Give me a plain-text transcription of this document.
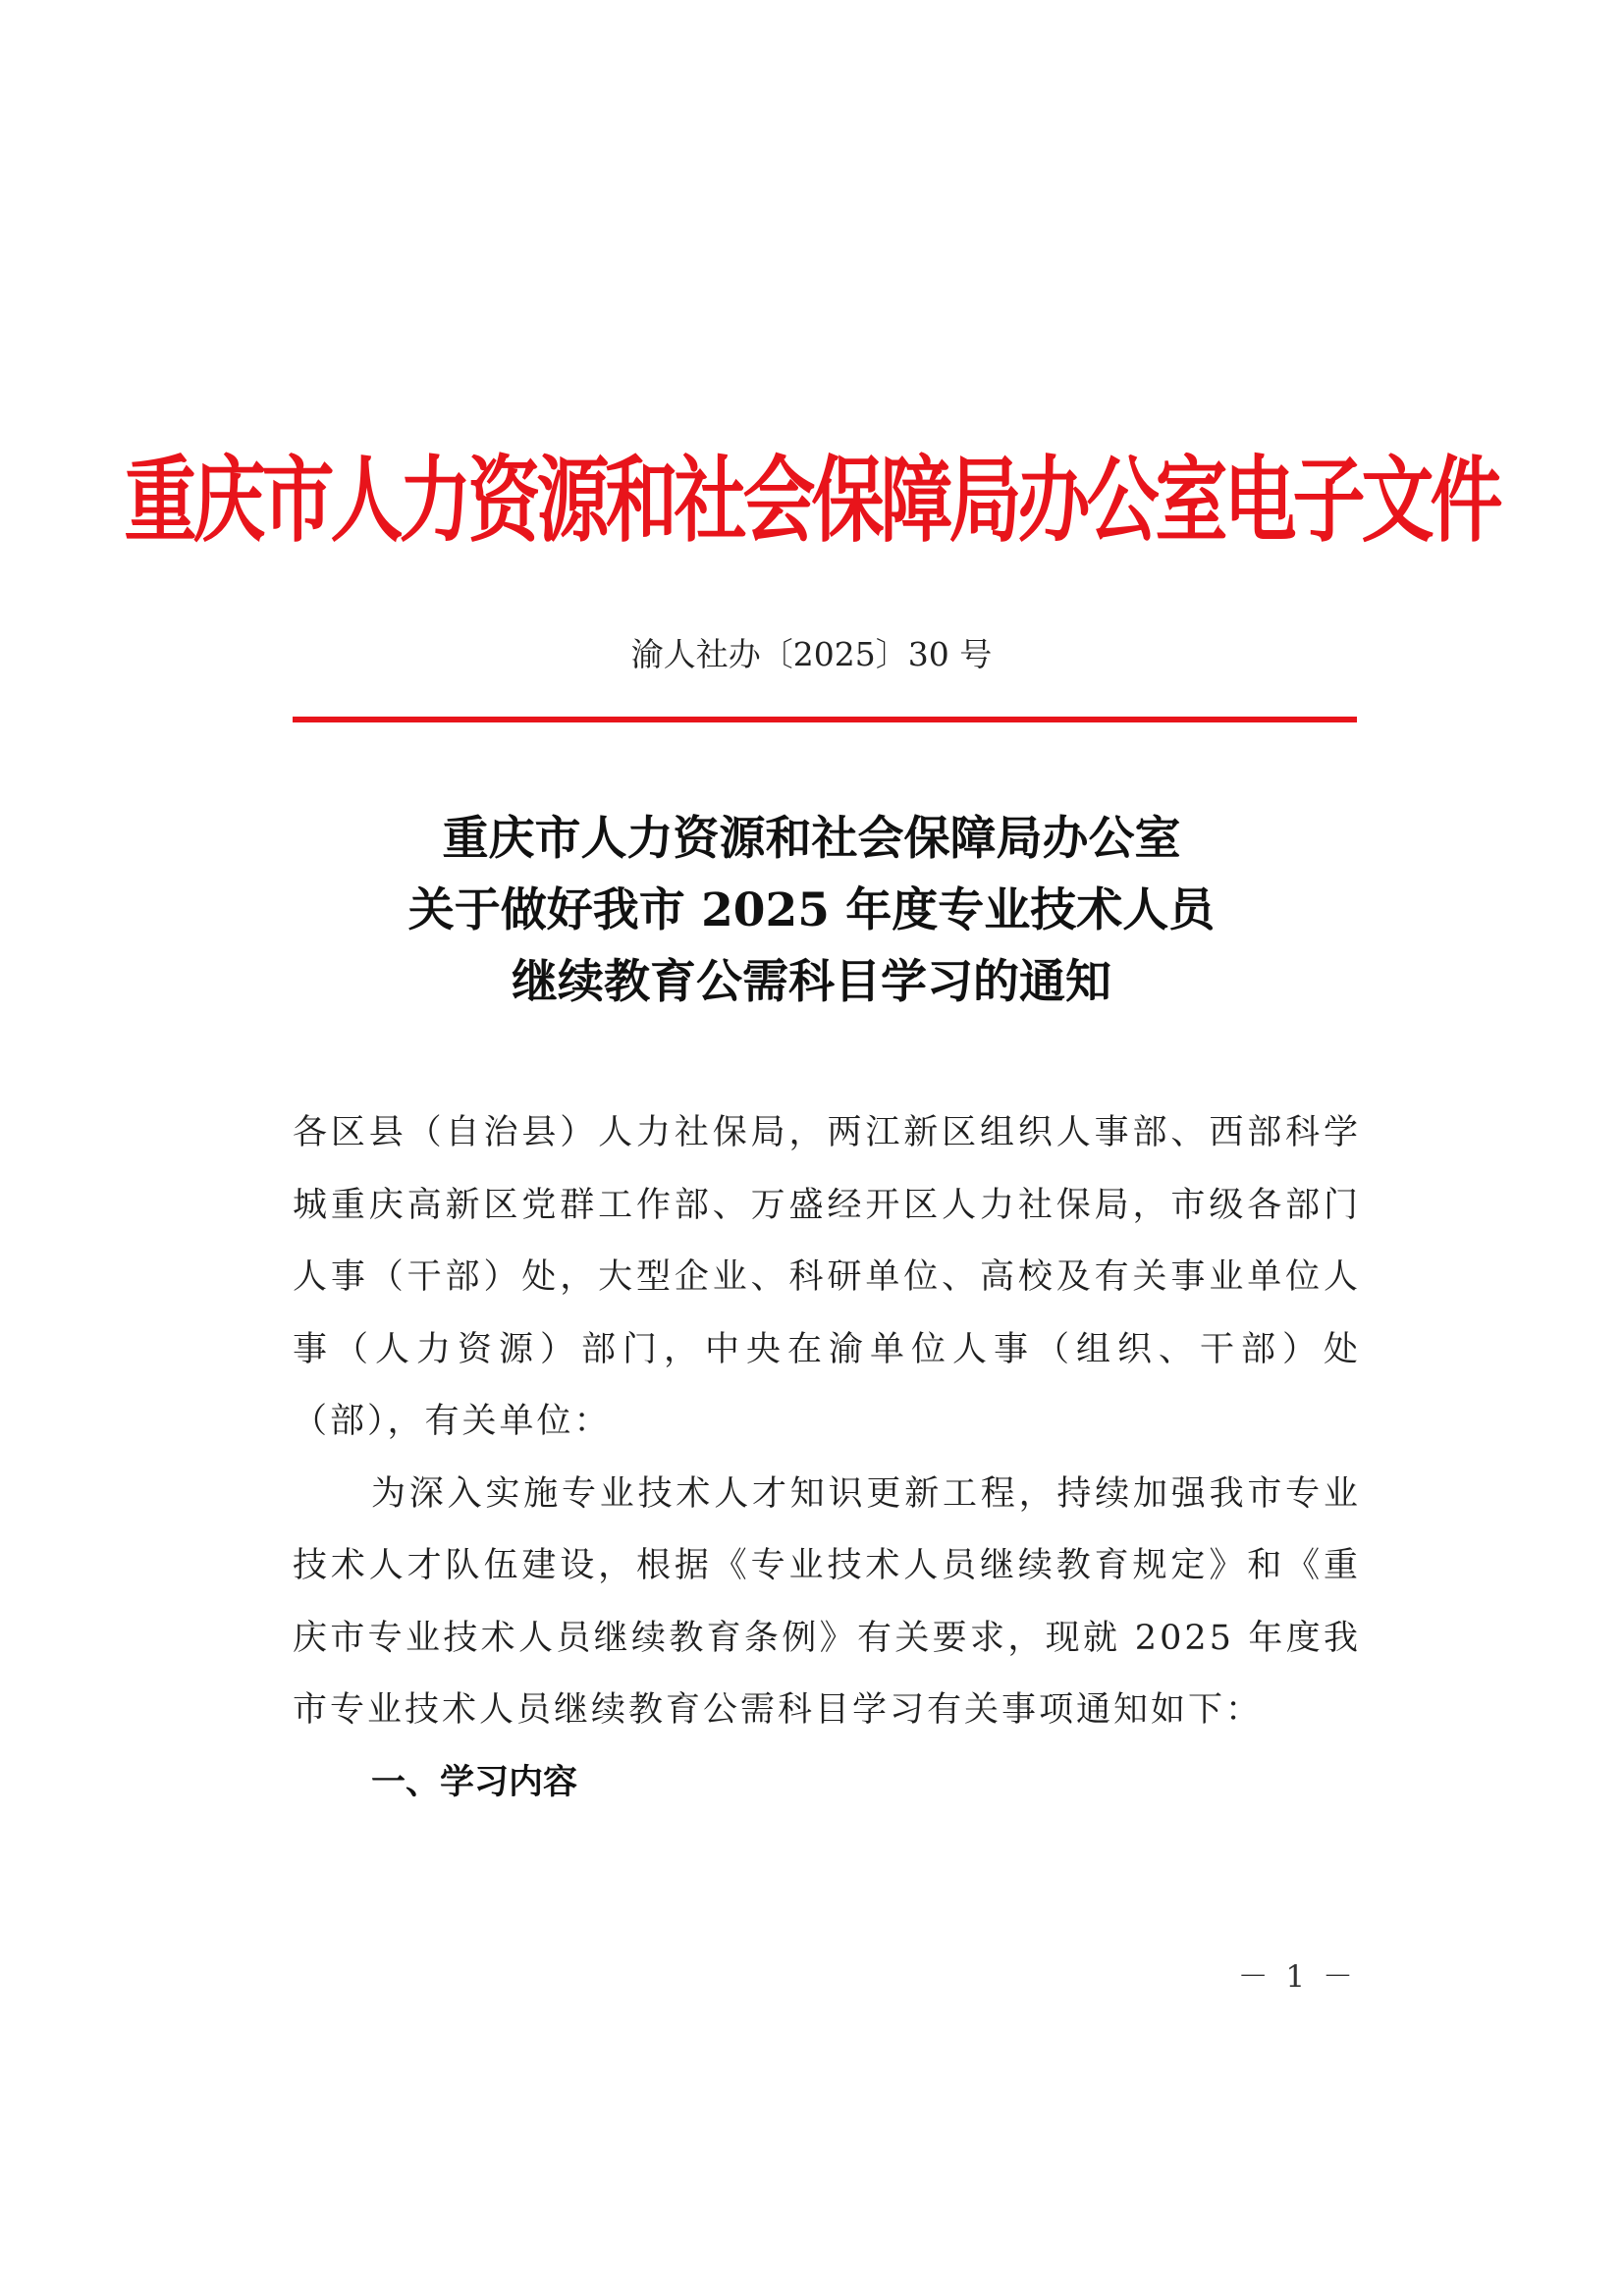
重庆市人力资源和社会保障局办公室电子文件
渝人社办〔2025〕30 号
重庆市人力资源和社会保障局办公室
关于做好我市 2025 年度专业技术人员
继续教育公需科目学习的通知

各区县（自治县）人力社保局，两江新区组织人事部、西部科学城重庆高新区党群工作部、万盛经开区人力社保局，市级各部门人事（干部）处，大型企业、科研单位、高校及有关事业单位人事（人力资源）部门，中央在渝单位人事（组织、干部）处（部），有关单位：

为深入实施专业技术人才知识更新工程，持续加强我市专业技术人才队伍建设，根据《专业技术人员继续教育规定》和《重庆市专业技术人员继续教育条例》有关要求，现就 2025 年度我市专业技术人员继续教育公需科目学习有关事项通知如下：

一、学习内容

－ 1 －
